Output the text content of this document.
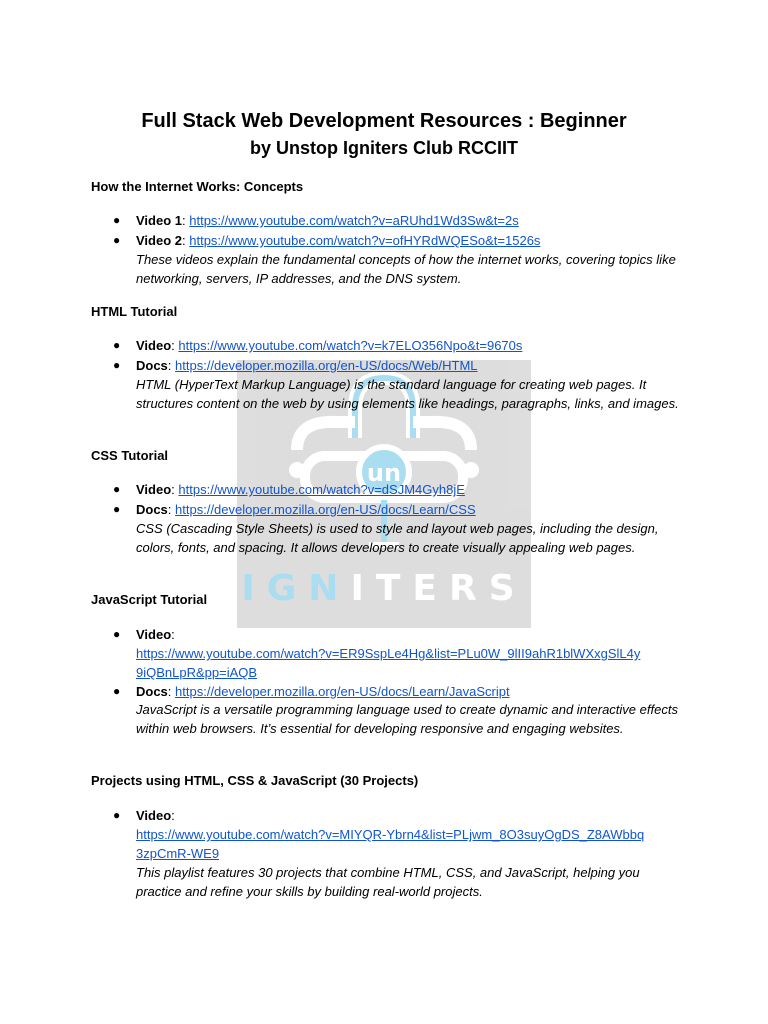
un
IGNITERS
Full Stack Web Development Resources : Beginner
by Unstop Igniters Club RCCIIT
How the Internet Works: Concepts
● Video 1: https://www.youtube.com/watch?v=aRUhd1Wd3Sw&t=2s
● Video 2: https://www.youtube.com/watch?v=ofHYRdWQESo&t=1526s
These videos explain the fundamental concepts of how the internet works, covering topics like networking, servers, IP addresses, and the DNS system.
HTML Tutorial
● Video: https://www.youtube.com/watch?v=k7ELO356Npo&t=9670s
● Docs: https://developer.mozilla.org/en-US/docs/Web/HTML
HTML (HyperText Markup Language) is the standard language for creating web pages. It structures content on the web by using elements like headings, paragraphs, links, and images.
CSS Tutorial
● Video: https://www.youtube.com/watch?v=dSJM4Gyh8jE
● Docs: https://developer.mozilla.org/en-US/docs/Learn/CSS
CSS (Cascading Style Sheets) is used to style and layout web pages, including the design, colors, fonts, and spacing. It allows developers to create visually appealing web pages.
JavaScript Tutorial
● Video:
https://www.youtube.com/watch?v=ER9SspLe4Hg&list=PLu0W_9lII9ahR1blWXxgSlL4y
9iQBnLpR&pp=iAQB
● Docs: https://developer.mozilla.org/en-US/docs/Learn/JavaScript
JavaScript is a versatile programming language used to create dynamic and interactive effects within web browsers. It’s essential for developing responsive and engaging websites.
Projects using HTML, CSS & JavaScript (30 Projects)
● Video:
https://www.youtube.com/watch?v=MIYQR-Ybrn4&list=PLjwm_8O3suyOgDS_Z8AWbbq
3zpCmR-WE9
This playlist features 30 projects that combine HTML, CSS, and JavaScript, helping you practice and refine your skills by building real-world projects.
